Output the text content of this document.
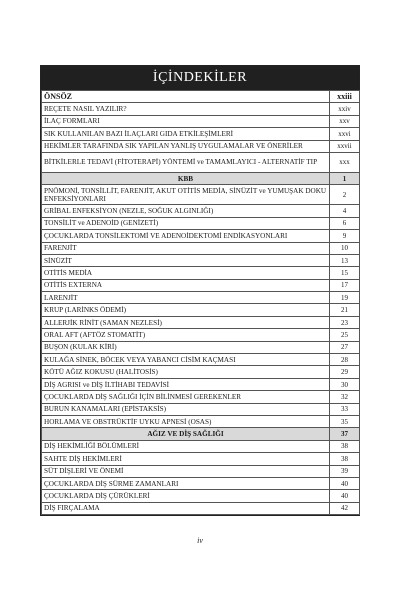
İÇİNDEKİLER
ÖNSÖZ	xxiii
REÇETE NASIL YAZILIR?	xxiv
İLAÇ FORMLARI	xxv
SIK KULLANILAN BAZI İLAÇLARI GIDA ETKİLEŞİMLERİ	xxvi
HEKİMLER TARAFINDA SIK YAPILAN YANLIŞ UYGULAMALAR VE ÖNERİLER	xxvii
BİTKİLERLE TEDAVİ (FİTOTERAPİ) YÖNTEMİ ve TAMAMLAYICI - ALTERNATİF TIP	xxx
KBB	1
PNÖMONİ, TONSİLLİT, FARENJİT, AKUT OTİTİS MEDİA, SİNÜZİT ve YUMUŞAK DOKU ENFEKSİYONLARI	2
GRİBAL ENFEKSİYON (NEZLE, SOĞUK ALGINLIĞI)	4
TONSİLİT ve ADENOİD (GENİZETİ)	6
ÇOCUKLARDA TONSİLEKTOMİ VE ADENOİDEKTOMİ ENDİKASYONLARI	9
FARENJİT	10
SİNÜZİT	13
OTİTİS MEDİA	15
OTİTİS EXTERNA	17
LARENJİT	19
KRUP (LARİNKS ÖDEMİ)	21
ALLERJİK RİNİT (SAMAN NEZLESİ)	23
ORAL AFT (AFTÖZ STOMATİT)	25
BUŞON (KULAK KİRİ)	27
KULAĞA SİNEK, BÖCEK VEYA YABANCI CİSİM KAÇMASI	28
KÖTÜ AĞIZ KOKUSU (HALİTOSİS)	29
DİŞ AGRISI ve DİŞ İLTİHABI TEDAVİSİ	30
ÇOCUKLARDA DİŞ SAĞLIĞI İÇİN BİLİNMESİ GEREKENLER	32
BURUN KANAMALARI (EPİSTAKSİS)	33
HORLAMA VE OBSTRÜKTİF UYKU APNESİ (OSAS)	35
AĞIZ VE DİŞ SAĞLIĞI	37
DİŞ HEKİMLİĞİ BÖLÜMLERİ	38
SAHTE DİŞ HEKİMLERİ	38
SÜT DİŞLERİ VE ÖNEMİ	39
ÇOCUKLARDA DİŞ SÜRME ZAMANLARI	40
ÇOCUKLARDA DİŞ ÇÜRÜKLERİ	40
DİŞ FIRÇALAMA	42
iv
